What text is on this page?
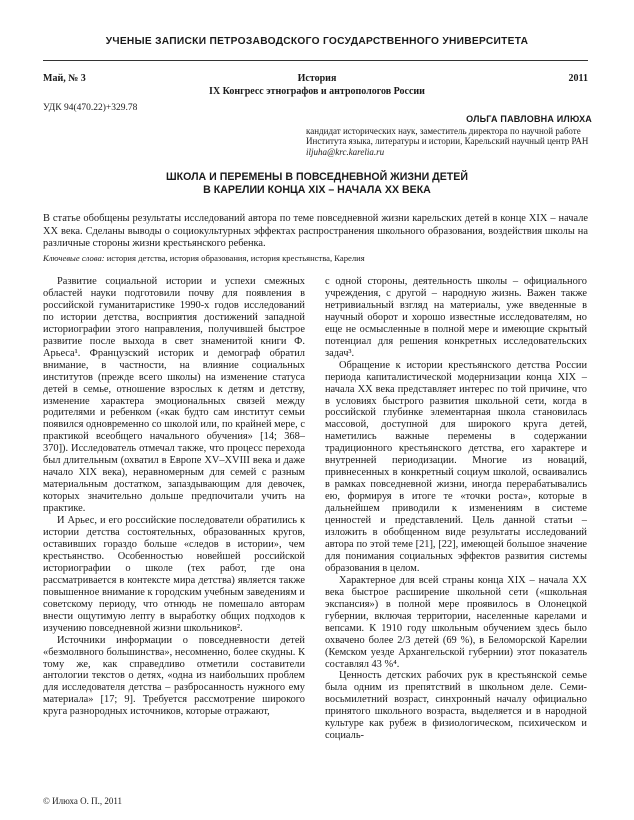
УЧЕНЫЕ ЗАПИСКИ ПЕТРОЗАВОДСКОГО ГОСУДАРСТВЕННОГО УНИВЕРСИТЕТА
Май, № 3	История	2011
IX Конгресс этнографов и антропологов России
УДК 94(470.22)+329.78
ОЛЬГА ПАВЛОВНА ИЛЮХА
кандидат исторических наук, заместитель директора по научной работе Института языка, литературы и истории, Карельский научный центр РАН
iljuha@krc.karelia.ru
ШКОЛА И ПЕРЕМЕНЫ В ПОВСЕДНЕВНОЙ ЖИЗНИ ДЕТЕЙ
В КАРЕЛИИ КОНЦА XIX – НАЧАЛА XX ВЕКА
В статье обобщены результаты исследований автора по теме повседневной жизни карельских детей в конце XIX – начале XX века. Сделаны выводы о социокультурных эффектах распространения школьного образования, воздействия школы на различные стороны жизни крестьянского ребенка.
Ключевые слова: история детства, история образования, история крестьянства, Карелия

Развитие социальной истории и успехи смежных областей науки подготовили почву для появления в российской гуманитаристике 1990-х годов исследований по истории детства, восприятия достижений западной историографии этого направления, получившей быстрое развитие после выхода в свет знаменитой книги Ф. Арьеса¹. Французский историк и демограф обратил внимание, в частности, на влияние социальных институтов (прежде всего школы) на изменение статуса детей в семье, отношение взрослых к детям и детству, изменение характера эмоциональных связей между родителями и ребенком («как будто сам институт семьи появился одновременно со школой или, по крайней мере, с практикой всеобщего начального обучения» [14; 368–370]). Исследователь отмечал также, что процесс перехода был длительным (охватил в Европе XV–XVIII века и даже начало XIX века), неравномерным для семей с разным материальным достатком, запаздывающим для девочек, которых значительно дольше предпочитали учить на практике.

И Арьес, и его российские последователи обратились к истории детства состоятельных, образованных кругов, оставивших гораздо больше «следов в истории», чем крестьянство. Особенностью новейшей российской историографии о школе (тех работ, где она рассматривается в контексте мира детства) является также повышенное внимание к городским учебным заведениям и советскому периоду, что отнюдь не помешало авторам внести ощутимую лепту в выработку общих подходов к изучению повседневной жизни школьников².

Источники информации о повседневности детей «безмолвного большинства», несомненно, более скудны. К тому же, как справедливо отметили составители антологии текстов о детях, «одна из наибольших проблем для исследователя детства – разбросанность нужного ему материала» [17; 9]. Требуется рассмотрение широкого круга разнородных источников, которые отражают,

с одной стороны, деятельность школы – официального учреждения, с другой – народную жизнь. Важен также нетривиальный взгляд на материалы, уже введенные в научный оборот и хорошо известные исследователям, но еще не осмысленные в полной мере и имеющие скрытый потенциал для решения конкретных исследовательских задач³.

Обращение к истории крестьянского детства России периода капиталистической модернизации конца XIX – начала XX века представляет интерес по той причине, что в условиях быстрого развития школьной сети, когда в российской глубинке элементарная школа становилась массовой, доступной для широкого круга детей, наметились важные перемены в содержании традиционного крестьянского детства, его характере и внутренней периодизации. Многие из новаций, привнесенных в конкретный социум школой, осваивались в рамках повседневной жизни, иногда перерабатывались ею, формируя в итоге те «точки роста», которые в дальнейшем приводили к изменениям в системе ценностей и представлений. Цель данной статьи – изложить в обобщенном виде результаты исследований автора по этой теме [21], [22], имеющей большое значение для понимания социальных эффектов развития системы образования в целом.

Характерное для всей страны конца XIX – начала XX века быстрое расширение школьной сети («школьная экспансия») в полной мере проявилось в Олонецкой губернии, включая территории, населенные карелами и вепсами. К 1910 году школьным обучением здесь было охвачено более 2/3 детей (69 %), в Беломорской Карелии (Кемском уезде Архангельской губернии) этот показатель составлял 43 %⁴.

Ценность детских рабочих рук в крестьянской семье была одним из препятствий в школьном деле. Семи-восьмилетний возраст, синхронный началу официально принятого школьного возраста, выделяется и в народной культуре как рубеж в физиологическом, психическом и социаль-

© Илюха О. П., 2011
